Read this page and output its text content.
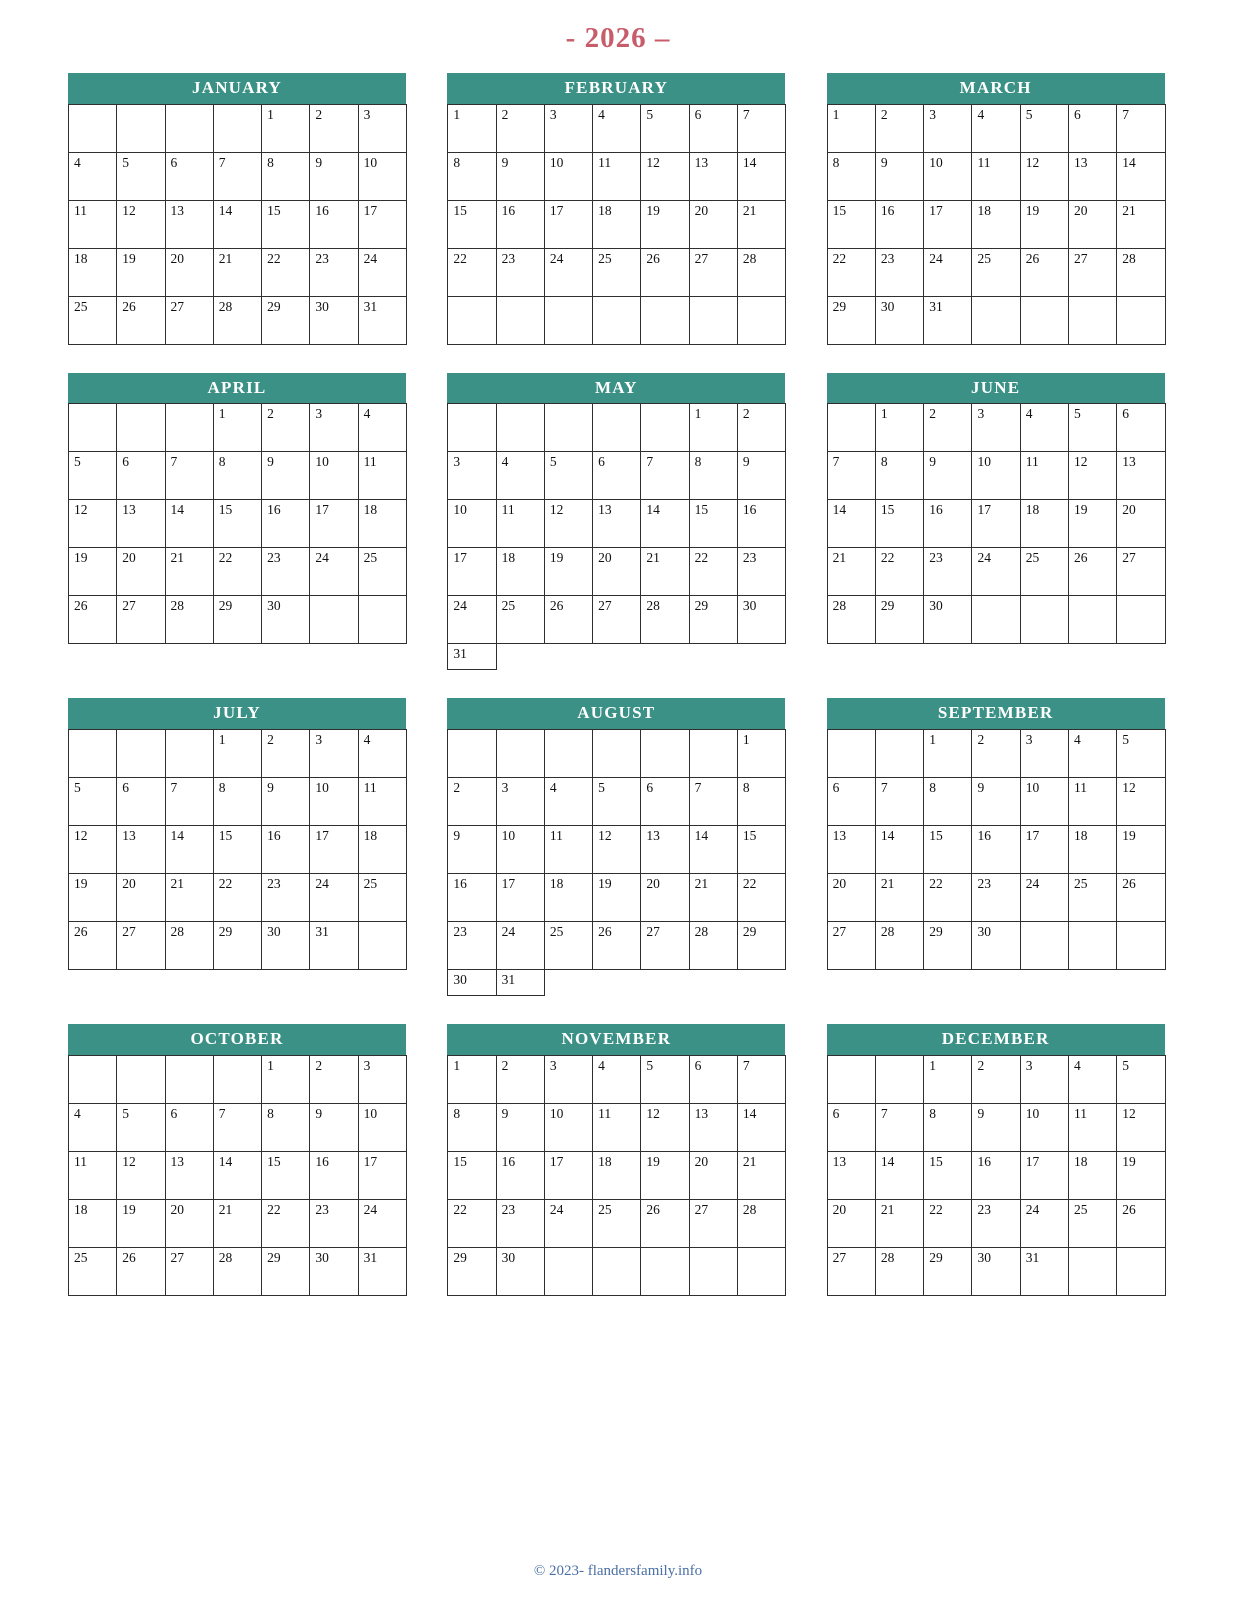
- 2026 –
JANUARY
				1	2	3
4	5	6	7	8	9	10
11	12	13	14	15	16	17
18	19	20	21	22	23	24
25	26	27	28	29	30	31
FEBRUARY
1	2	3	4	5	6	7
8	9	10	11	12	13	14
15	16	17	18	19	20	21
22	23	24	25	26	27	28

MARCH
1	2	3	4	5	6	7
8	9	10	11	12	13	14
15	16	17	18	19	20	21
22	23	24	25	26	27	28
29	30	31				
APRIL
			1	2	3	4
5	6	7	8	9	10	11
12	13	14	15	16	17	18
19	20	21	22	23	24	25
26	27	28	29	30		
MAY
					1	2
3	4	5	6	7	8	9
10	11	12	13	14	15	16
17	18	19	20	21	22	23
24	25	26	27	28	29	30
31						
JUNE
	1	2	3	4	5	6
7	8	9	10	11	12	13
14	15	16	17	18	19	20
21	22	23	24	25	26	27
28	29	30				
JULY
			1	2	3	4
5	6	7	8	9	10	11
12	13	14	15	16	17	18
19	20	21	22	23	24	25
26	27	28	29	30	31	
AUGUST
						1
2	3	4	5	6	7	8
9	10	11	12	13	14	15
16	17	18	19	20	21	22
23	24	25	26	27	28	29
30	31					
SEPTEMBER
		1	2	3	4	5
6	7	8	9	10	11	12
13	14	15	16	17	18	19
20	21	22	23	24	25	26
27	28	29	30			
OCTOBER
				1	2	3
4	5	6	7	8	9	10
11	12	13	14	15	16	17
18	19	20	21	22	23	24
25	26	27	28	29	30	31
NOVEMBER
1	2	3	4	5	6	7
8	9	10	11	12	13	14
15	16	17	18	19	20	21
22	23	24	25	26	27	28
29	30					
DECEMBER
		1	2	3	4	5
6	7	8	9	10	11	12
13	14	15	16	17	18	19
20	21	22	23	24	25	26
27	28	29	30	31		
© 2023- flandersfamily.info
